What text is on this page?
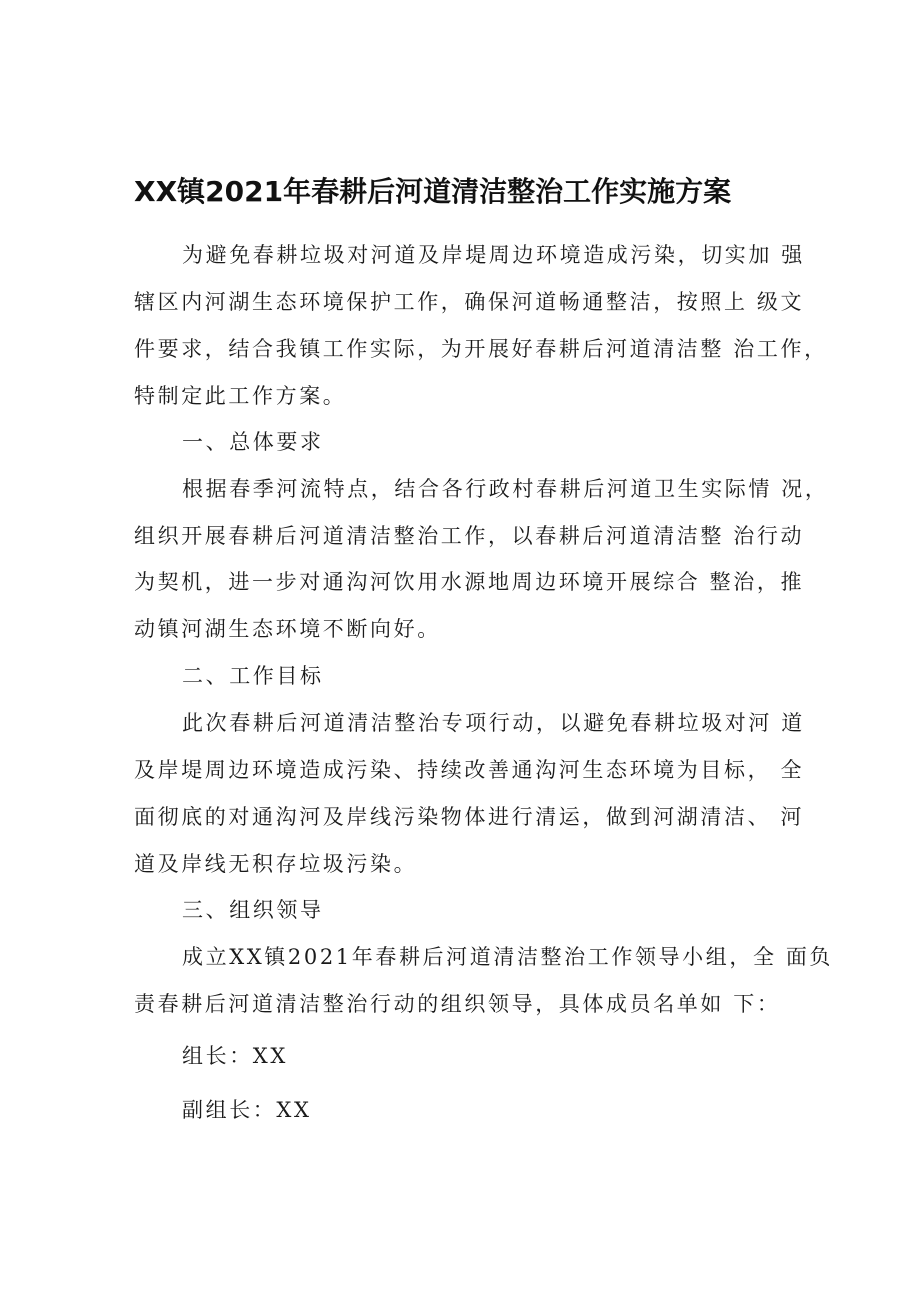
XX镇2021年春耕后河道清洁整治工作实施方案
为避免春耕垃圾对河道及岸堤周边环境造成污染，切实加 强
辖区内河湖生态环境保护工作，确保河道畅通整洁，按照上 级文
件要求，结合我镇工作实际，为开展好春耕后河道清洁整 治工作，
特制定此工作方案。
一、总体要求
根据春季河流特点，结合各行政村春耕后河道卫生实际情 况，
组织开展春耕后河道清洁整治工作，以春耕后河道清洁整 治行动
为契机，进一步对通沟河饮用水源地周边环境开展综合 整治，推
动镇河湖生态环境不断向好。
二、工作目标
此次春耕后河道清洁整治专项行动，以避免春耕垃圾对河 道
及岸堤周边环境造成污染、持续改善通沟河生态环境为目标， 全
面彻底的对通沟河及岸线污染物体进行清运，做到河湖清洁、 河
道及岸线无积存垃圾污染。
三、组织领导
成立XX镇2021年春耕后河道清洁整治工作领导小组，全 面负
责春耕后河道清洁整治行动的组织领导，具体成员名单如 下：
组长：XX
副组长：XX
